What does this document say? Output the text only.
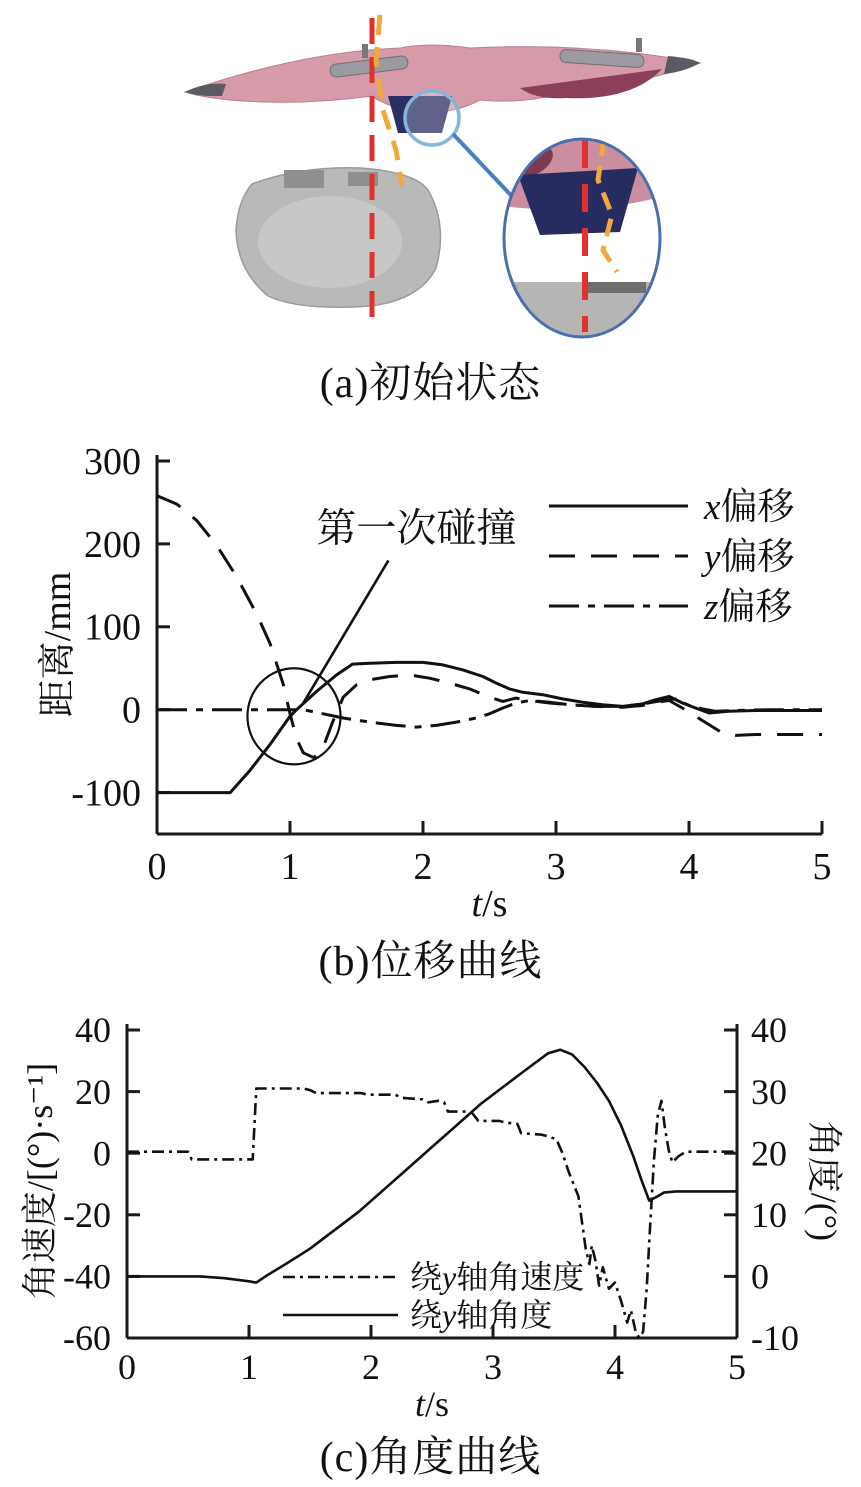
(a)初始状态
300
200
100
0
-100
0	1	2	3	4	5
t/s
距离/mm
x偏移
y偏移
z偏移
第一次碰撞
(b)位移曲线
40
20
0
-20
-40
-60
40
30
20
10
0
-10
0	1	2	3	4	5
t/s
角速度/[(°)·s⁻¹]	角度/(°)
绕y轴角速度
绕y轴角度
(c)角度曲线
